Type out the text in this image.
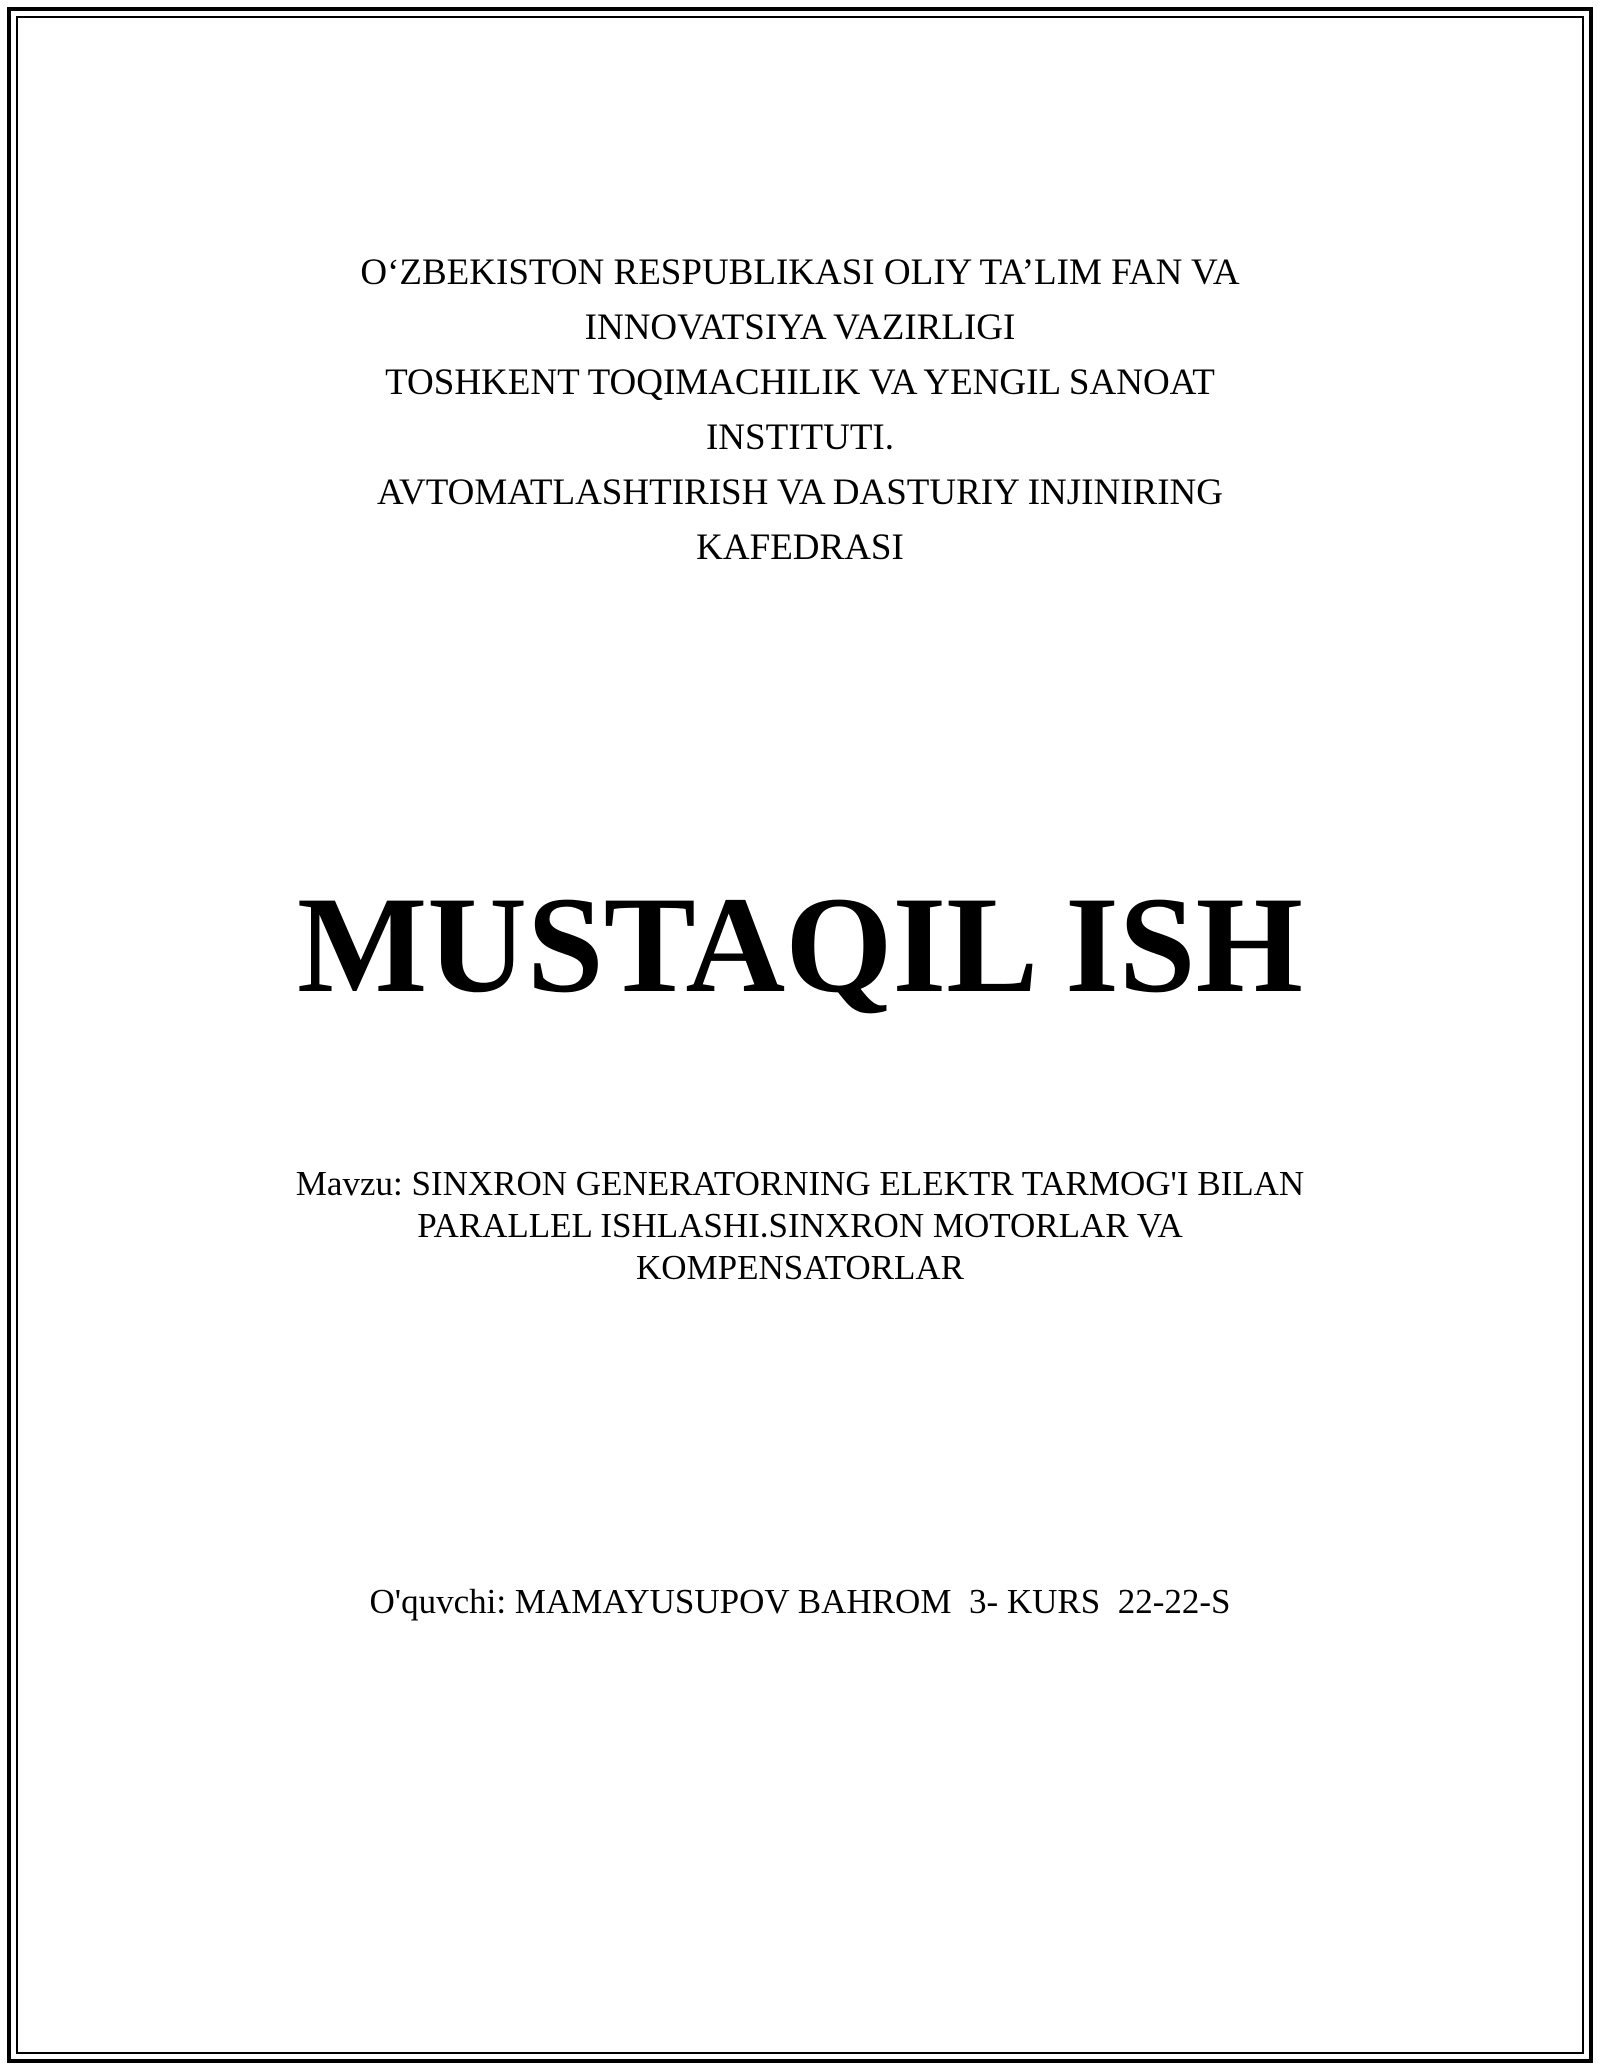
O‘ZBEKISTON RESPUBLIKASI OLIY TA’LIM FAN VA
INNOVATSIYA VAZIRLIGI
TOSHKENT TOQIMACHILIK VA YENGIL SANOAT
INSTITUTI.
AVTOMATLASHTIRISH VA DASTURIY INJINIRING
KAFEDRASI
MUSTAQIL ISH
Mavzu: SINXRON GENERATORNING ELEKTR TARMOG'I BILAN
PARALLEL ISHLASHI.SINXRON MOTORLAR VA
KOMPENSATORLAR
O'quvchi: MAMAYUSUPOV BAHROM  3- KURS  22-22-S
